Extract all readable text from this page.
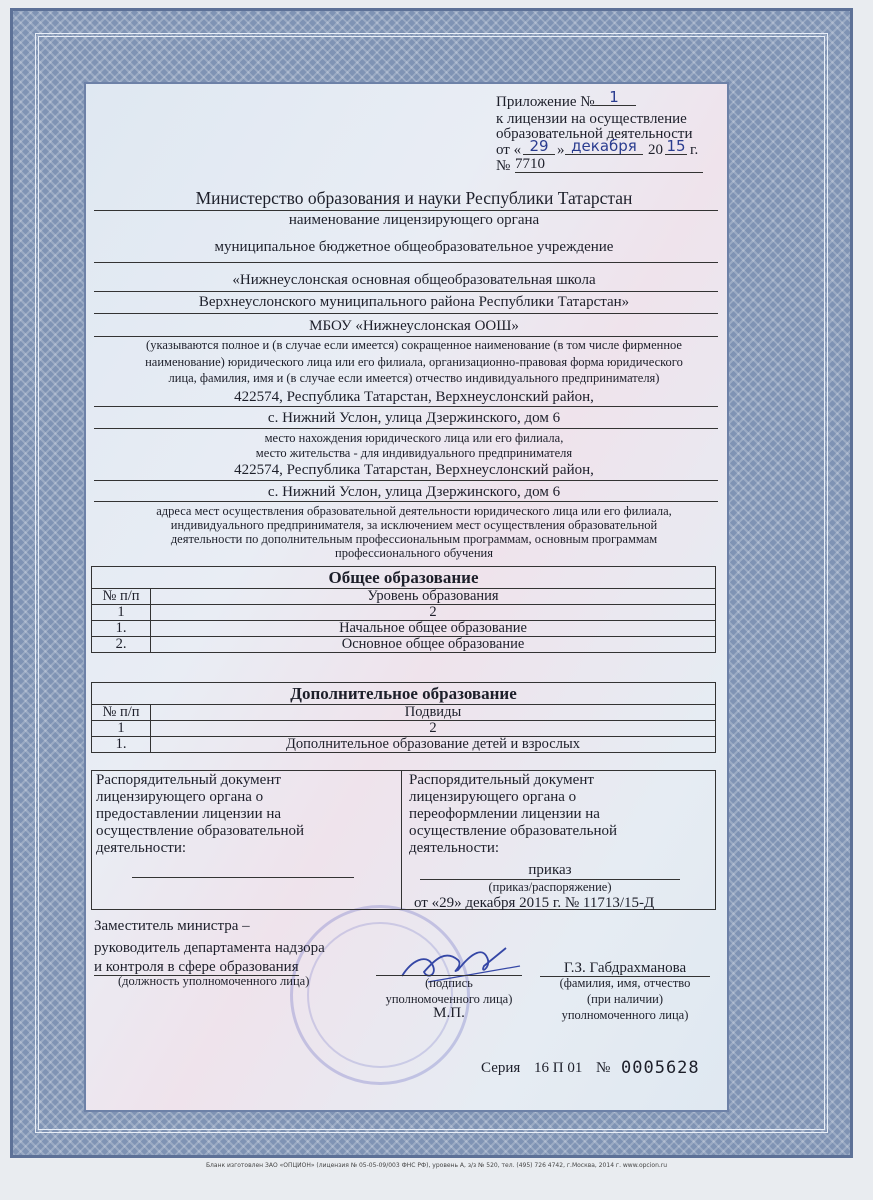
Приложение № 1
к лицензии на осуществление
образовательной деятельности
от « 29 » декабря 20 15 г.
№ 7710
Министерство образования и науки Республики Татарстан
наименование лицензирующего органа
муниципальное бюджетное общеобразовательное учреждение
«Нижнеуслонская основная общеобразовательная школа
Верхнеуслонского муниципального района Республики Татарстан»
МБОУ «Нижнеуслонская ООШ»
(указываются полное и (в случае если имеется) сокращенное наименование (в том числе фирменное
наименование) юридического лица или его филиала, организационно-правовая форма юридического
лица, фамилия, имя и (в случае если имеется) отчество индивидуального предпринимателя)
422574, Республика Татарстан, Верхнеуслонский район,
с. Нижний Услон, улица Дзержинского, дом 6
место нахождения юридического лица или его филиала,
место жительства - для индивидуального предпринимателя
422574, Республика Татарстан, Верхнеуслонский район,
с. Нижний Услон, улица Дзержинского, дом 6
адреса мест осуществления образовательной деятельности юридического лица или его филиала,
индивидуального предпринимателя, за исключением мест осуществления образовательной
деятельности по дополнительным профессиональным программам, основным программам
профессионального обучения
Общее образование	
№ п/п	Уровень образования
1	2
1.	Начальное общее образование
2.	Основное общее образование
Дополнительное образование	
№ п/п	Подвиды
1	2
1.	Дополнительное образование детей и взрослых
Распорядительный документ
лицензирующего органа о
предоставлении лицензии на
осуществление образовательной
деятельности:
Распорядительный документ
лицензирующего органа о
переоформлении лицензии на
осуществление образовательной
деятельности:
приказ
(приказ/распоряжение)
от «29» декабря 2015 г. № 11713/15-Д
Заместитель министра –
руководитель департамента надзора
и контроля в сфере образования
(должность уполномоченного лица)	(подпись
уполномоченного лица)
М.П.
Г.З. Габдрахманова
(фамилия, имя, отчество
(при наличии)
уполномоченного лица)
Серия 16 П 01 № 0005628
Бланк изготовлен ЗАО «ОПЦИОН» (лицензия № 05-05-09/003 ФНС РФ), уровень А, з/з № 520, тел. (495) 726 4742, г.Москва, 2014 г. www.opcion.ru
